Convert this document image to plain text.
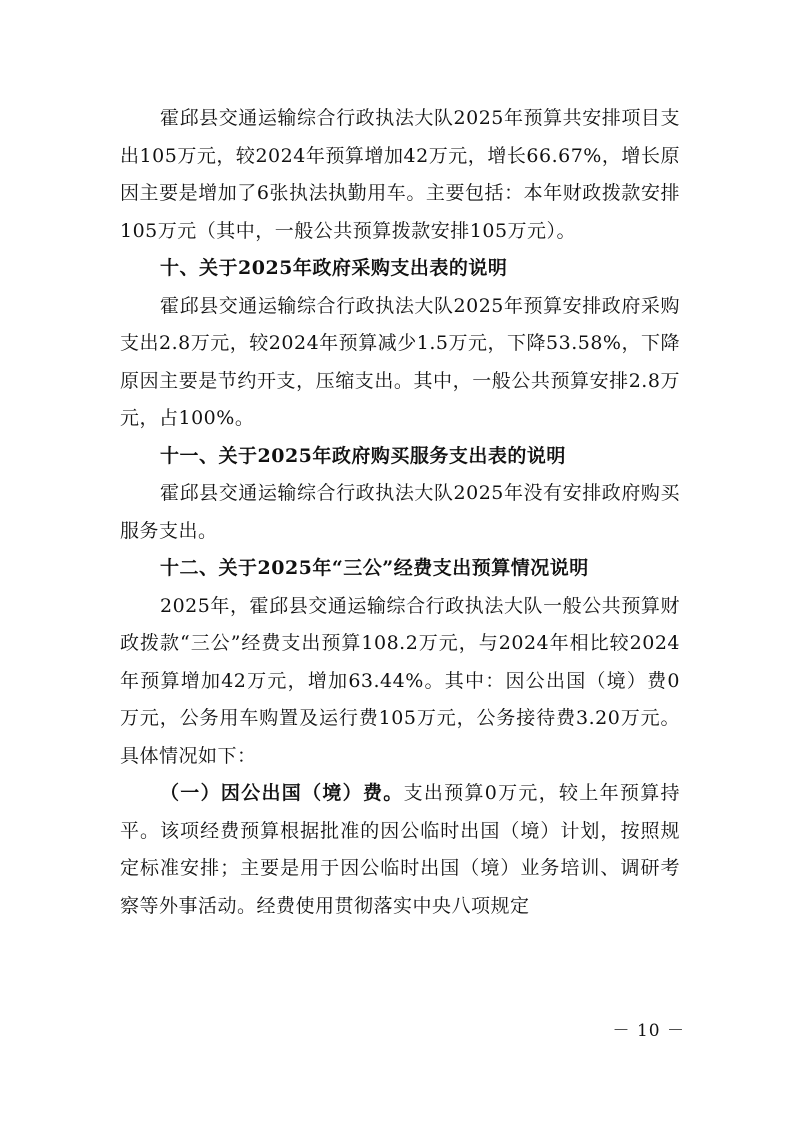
霍邱县交通运输综合行政执法大队2025年预算共安排项目支出105万元，较2024年预算增加42万元，增长66.67%，增长原因主要是增加了6张执法执勤用车。主要包括：本年财政拨款安排105万元（其中，一般公共预算拨款安排105万元）。

十、关于2025年政府采购支出表的说明

霍邱县交通运输综合行政执法大队2025年预算安排政府采购支出2.8万元，较2024年预算减少1.5万元，下降53.58%，下降原因主要是节约开支，压缩支出。其中，一般公共预算安排2.8万元，占100%。

十一、关于2025年政府购买服务支出表的说明

霍邱县交通运输综合行政执法大队2025年没有安排政府购买服务支出。

十二、关于2025年“三公”经费支出预算情况说明

2025年，霍邱县交通运输综合行政执法大队一般公共预算财政拨款“三公”经费支出预算108.2万元，与2024年相比较2024年预算增加42万元，增加63.44%。其中：因公出国（境）费0万元，公务用车购置及运行费105万元，公务接待费3.20万元。具体情况如下：

（一）因公出国（境）费。支出预算0万元，较上年预算持平。该项经费预算根据批准的因公临时出国（境）计划，按照规定标准安排；主要是用于因公临时出国（境）业务培训、调研考察等外事活动。经费使用贯彻落实中央八项规定

－ 10 －
